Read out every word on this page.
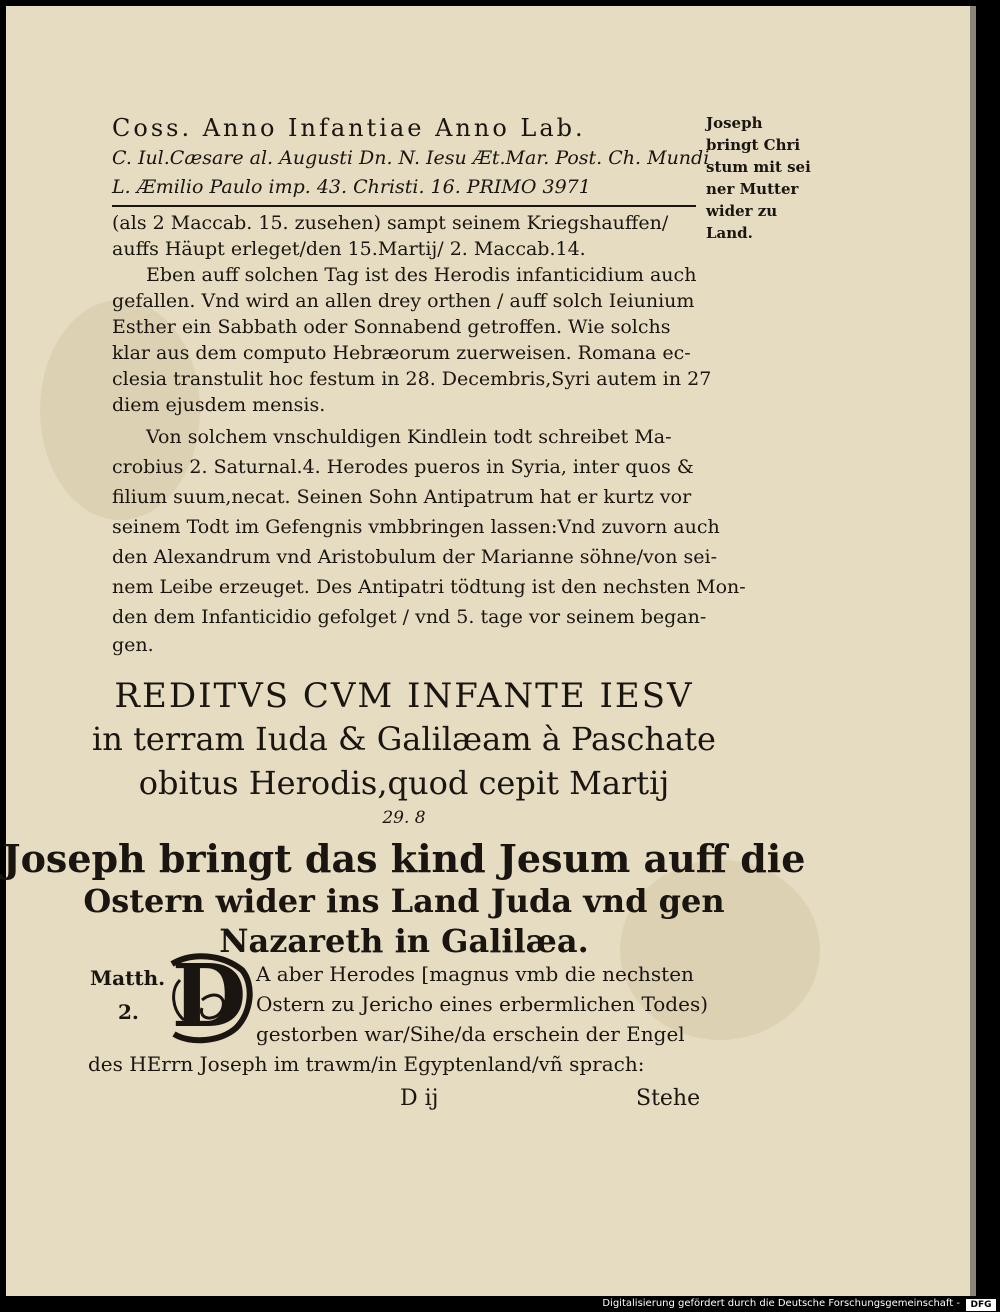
Coss. Anno Infantiae Anno Lab.
C. Iul.Cæsare al. Augusti Dn. N. Iesu Æt.Mar. Post. Ch. Mundi
L. Æmilio Paulo imp. 43. Christi. 16. PRIMO 3971
Joseph
bringt Chri
stum mit sei
ner Mutter
wider zu
Land.
(als 2 Maccab. 15. zusehen) sampt seinem Kriegshauffen/
auffs Häupt erleget/den 15.Martij/ 2. Maccab.14.
Eben auff solchen Tag ist des Herodis infanticidium auch
gefallen. Vnd wird an allen drey orthen / auff solch Ieiunium
Esther ein Sabbath oder Sonnabend getroffen. Wie solchs
klar aus dem computo Hebræorum zuerweisen. Romana ec-
clesia transtulit hoc festum in 28. Decembris,Syri autem in 27
diem ejusdem mensis.
Von solchem vnschuldigen Kindlein todt schreibet Ma-
crobius 2. Saturnal.4. Herodes pueros in Syria, inter quos &
filium suum,necat. Seinen Sohn Antipatrum hat er kurtz vor
seinem Todt im Gefengnis vmbbringen lassen:Vnd zuvorn auch
den Alexandrum vnd Aristobulum der Marianne söhne/von sei-
nem Leibe erzeuget. Des Antipatri tödtung ist den nechsten Mon-
den dem Infanticidio gefolget / vnd 5. tage vor seinem began-
gen.
REDITVS CVM INFANTE IESV
in terram Iuda & Galilæam à Paschate
obitus Herodis,quod cepit Martij
29. 8
Joseph bringt das kind Jesum auff die
Ostern wider ins Land Juda vnd gen
Nazareth in Galilæa.
Matth.
2. D A aber Herodes [magnus vmb die nechsten
Ostern zu Jericho eines erbermlichen Todes)
gestorben war/Sihe/da erschein der Engel
des HErrn Joseph im trawm/in Egyptenland/vñ sprach:
D ij	Stehe
Digitalisierung gefördert durch die Deutsche Forschungsgemeinschaft -	DFG
